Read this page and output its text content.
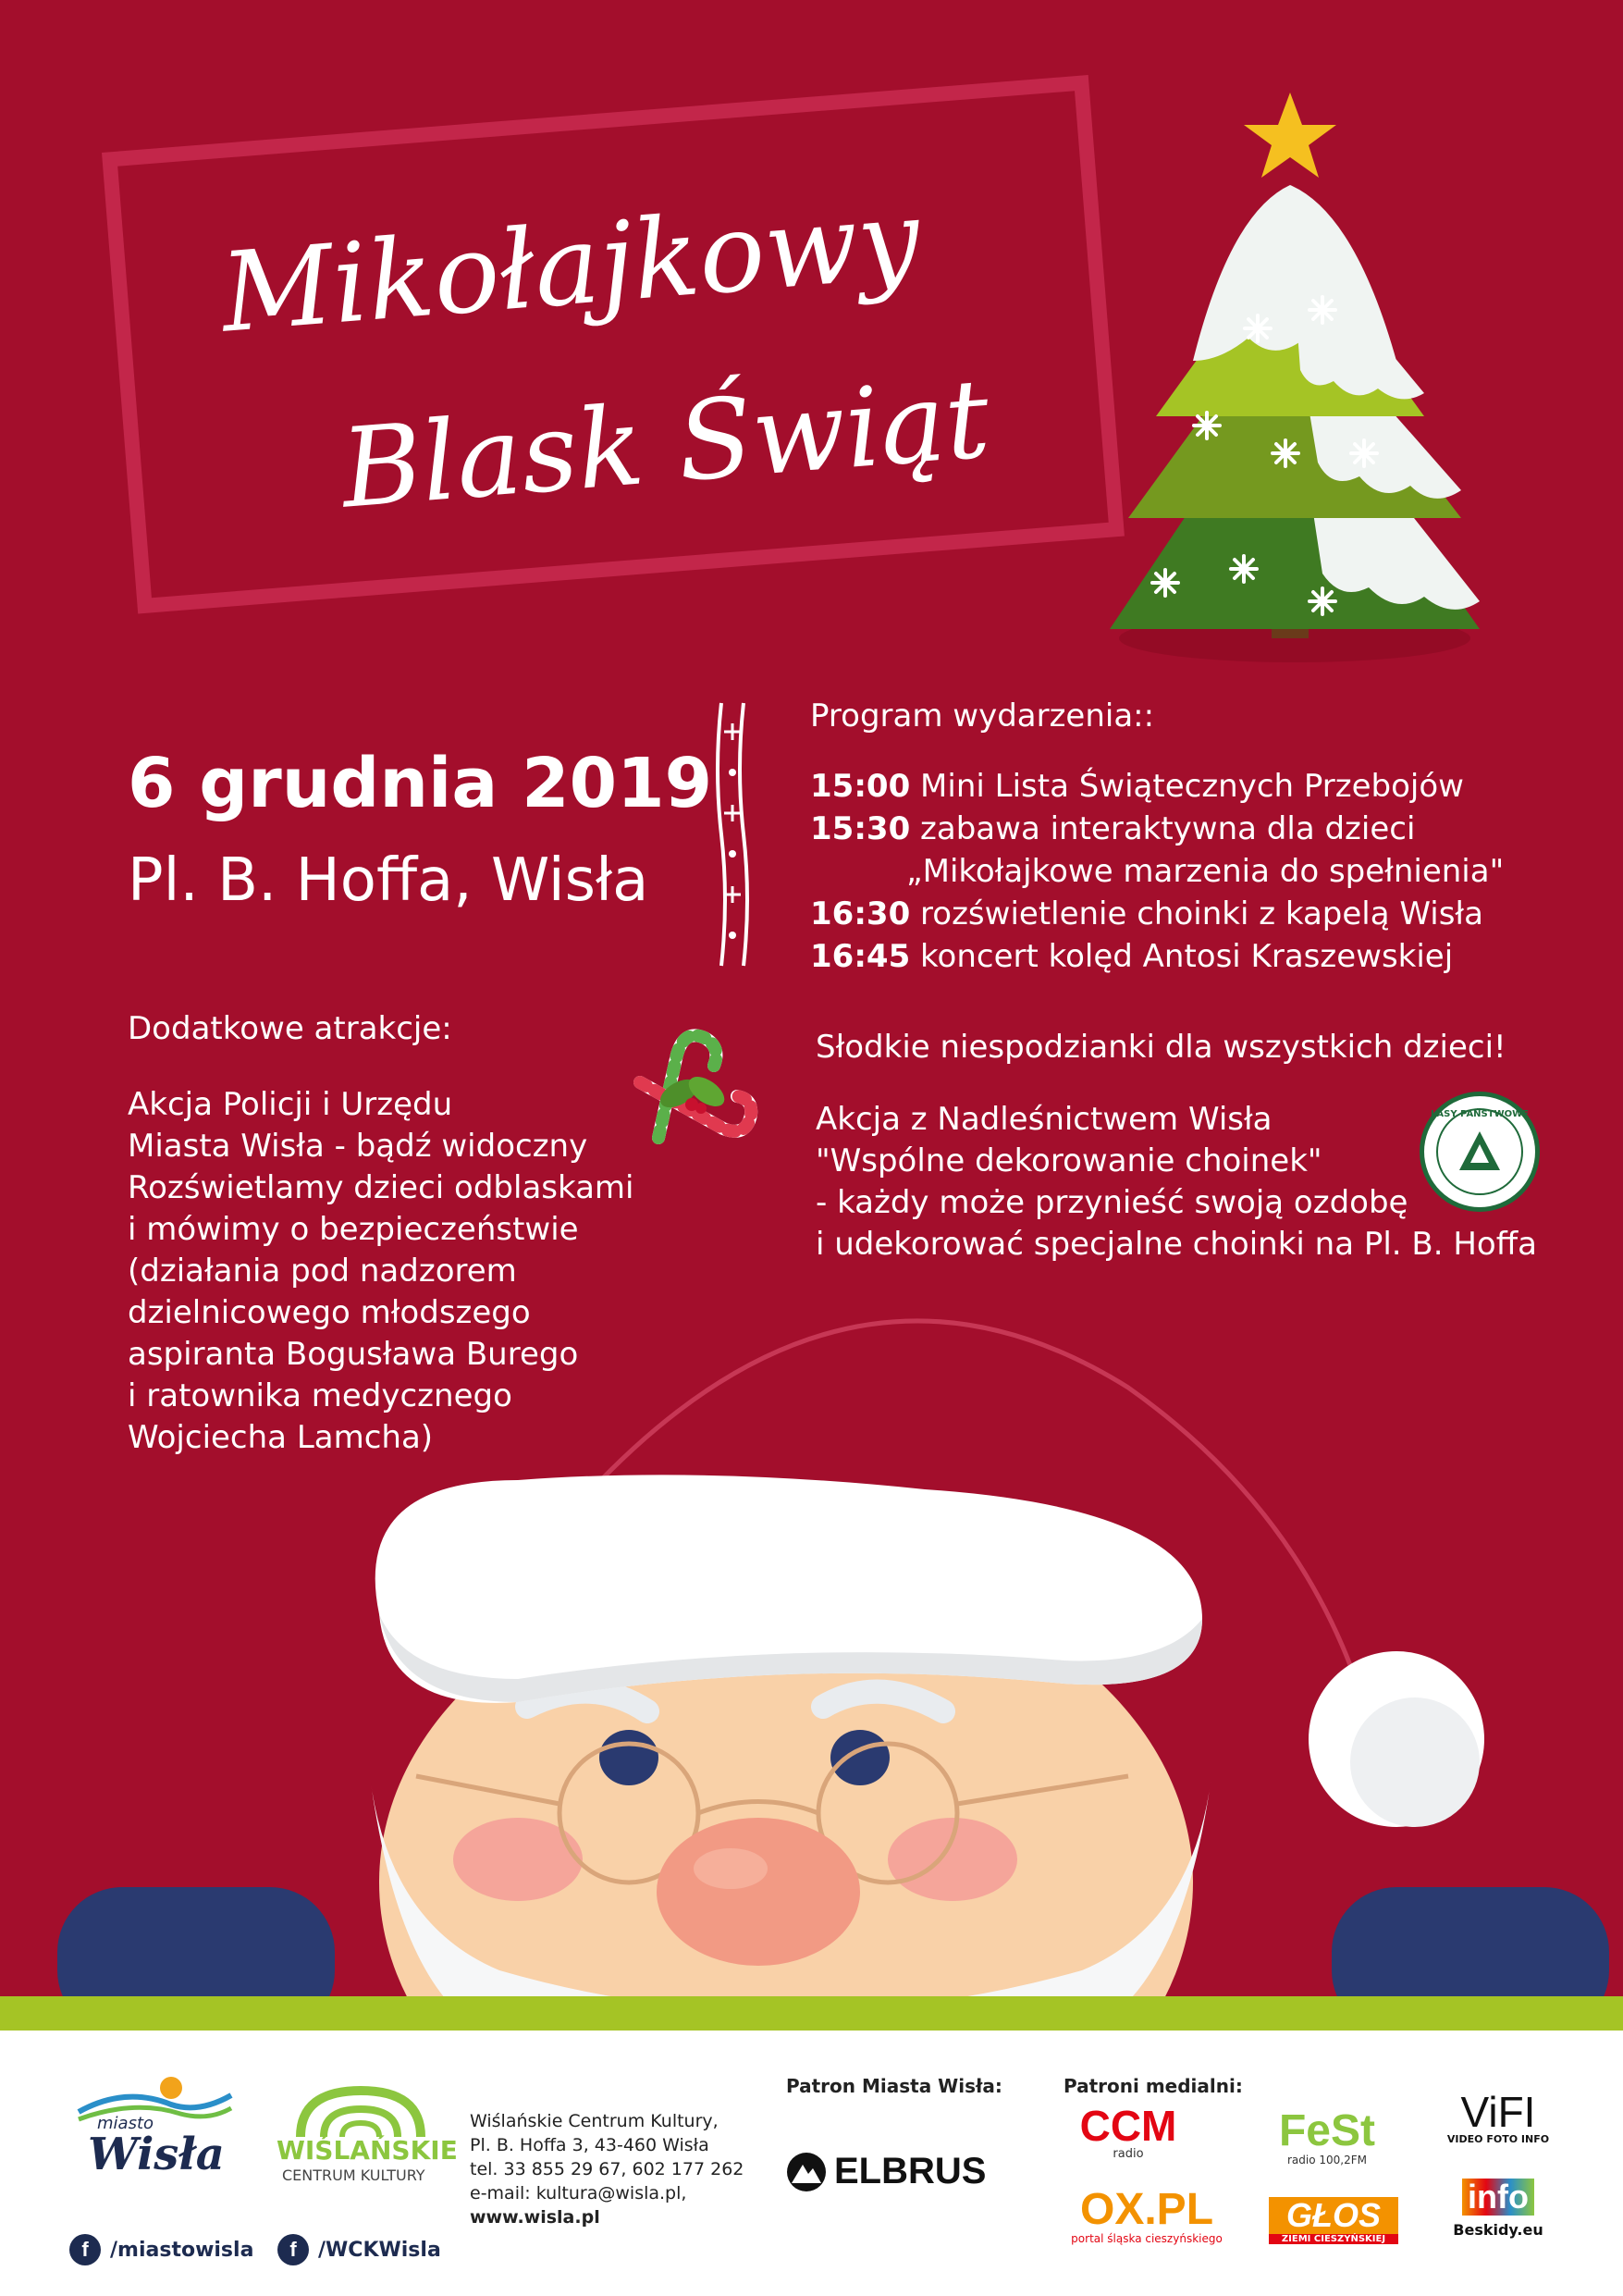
Mikołajkowy
Blask Świąt
6 grudnia 2019
Pl. B. Hoffa, Wisła
Program wydarzenia::
15:00 Mini Lista Świątecznych Przebojów
15:30 zabawa interaktywna dla dzieci
„Mikołajkowe marzenia do spełnienia"
16:30 rozświetlenie choinki z kapelą Wisła
16:45 koncert kolęd Antosi Kraszewskiej
Dodatkowe atrakcje:
Akcja Policji i Urzędu
Miasta Wisła - bądź widoczny
Rozświetlamy dzieci odblaskami
i mówimy o bezpieczeństwie
(działania pod nadzorem
dzielnicowego młodszego
aspiranta Bogusława Burego
i ratownika medycznego
Wojciecha Lamcha)
Słodkie niespodzianki dla wszystkich dzieci!
Akcja z Nadleśnictwem Wisła
"Wspólne dekorowanie choinek"
- każdy może przynieść swoją ozdobę
i udekorować specjalne choinki na Pl. B. Hoffa
LASY PAŃSTWOWE
miasto
Wisła
f	/miastowisla
WIŚLAŃSKIE
CENTRUM KULTURY
f	/WCKWisla
Wiślańskie Centrum Kultury,
Pl. B. Hoffa 3, 43-460 Wisła
tel. 33 855 29 67, 602 177 262
e-mail: kultura@wisla.pl,
www.wisla.pl
Patron Miasta Wisła:
ELBRUS
Patroni medialni:
CCM
radio	FeSt
radio 100,2FM
ViFI
VIDEO FOTO INFO
OX.PL
portal śląska cieszyńskiego
GŁOS
ZIEMI CIESZYŃSKIEJ
info
Beskidy.eu
